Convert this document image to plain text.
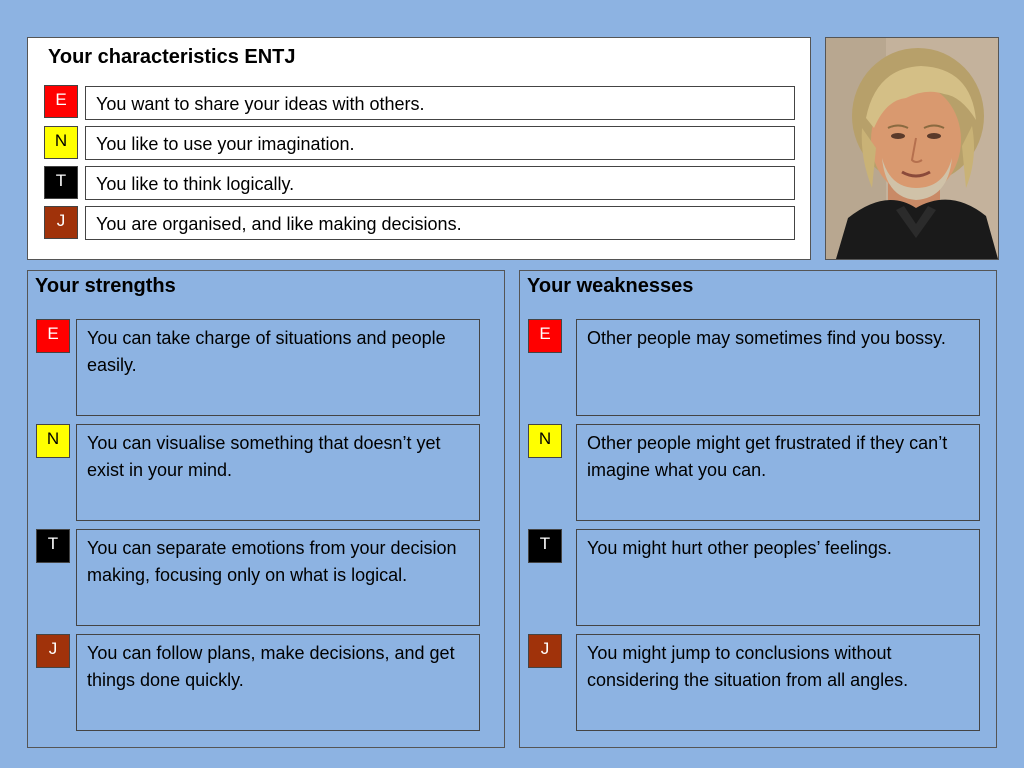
Your characteristics ENTJ
E	You want to share your ideas with others.
N	You like to use your imagination.
T	You like to think logically.
J	You are organised, and like making decisions.
Your strengths
E	You can take charge of situations and people easily.
N	You can visualise something that doesn’t yet exist in your mind.
T	You can separate emotions from your decision making, focusing only on what is logical.
J	You can follow plans, make decisions, and get things done quickly.
Your weaknesses
E	Other people may sometimes find you bossy.
N	Other people might get frustrated if they can’t imagine what you can.
T	You might hurt other peoples’ feelings.
J	You might jump to conclusions without considering the situation from all angles.
